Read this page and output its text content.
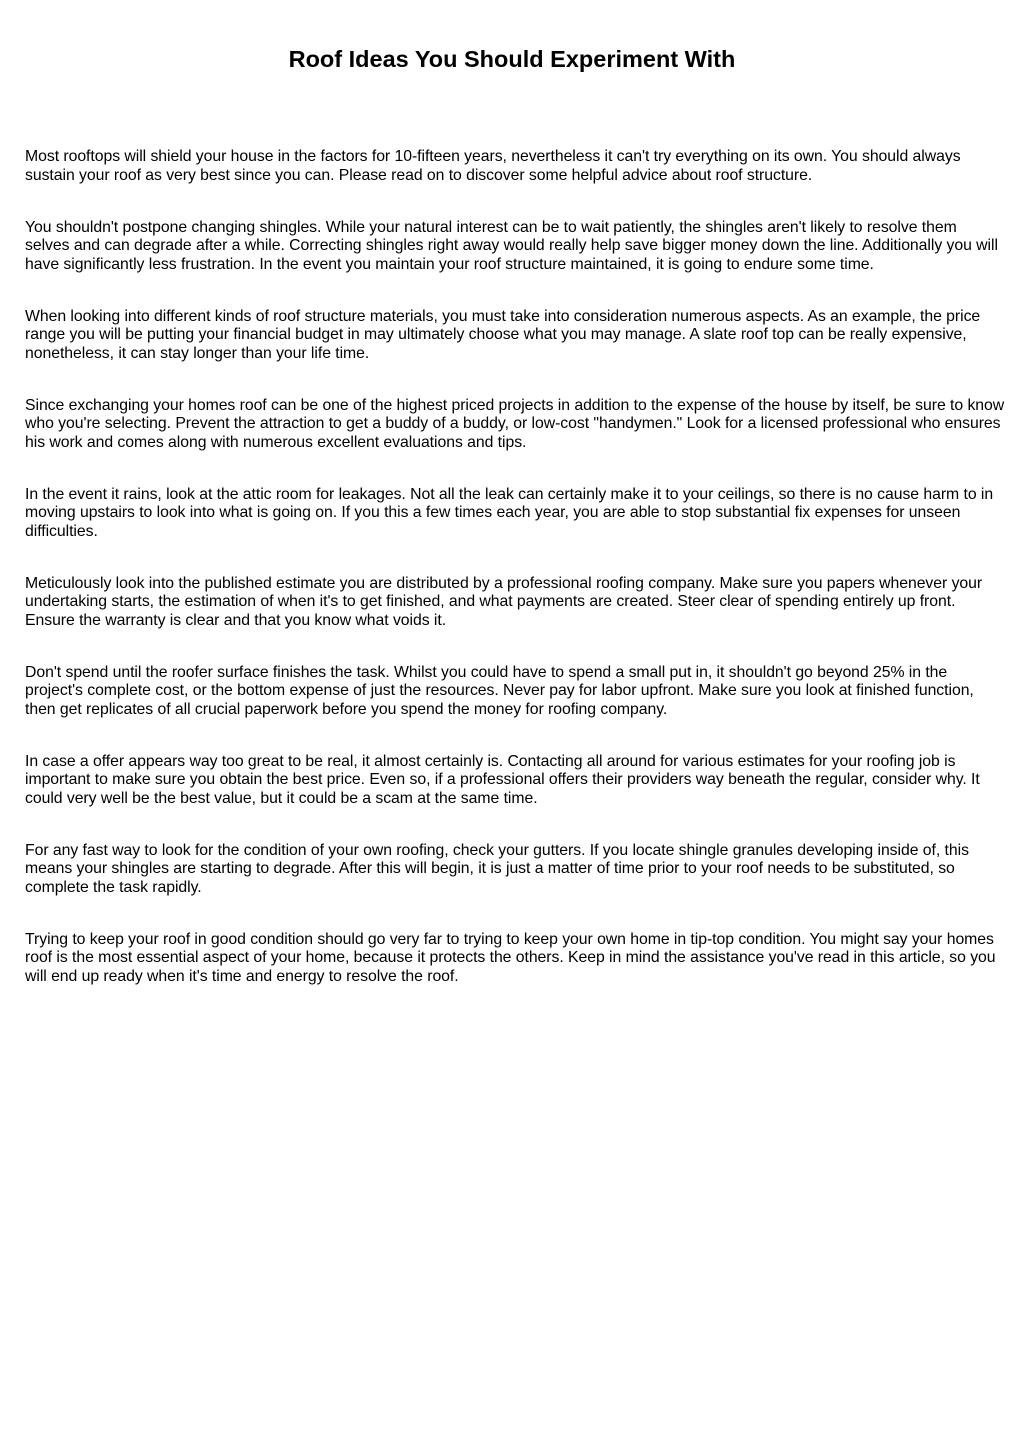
Roof Ideas You Should Experiment With

Most rooftops will shield your house in the factors for 10-fifteen years, nevertheless it can't try everything on its own. You should always sustain your roof as very best since you can. Please read on to discover some helpful advice about roof structure.

You shouldn't postpone changing shingles. While your natural interest can be to wait patiently, the shingles aren't likely to resolve them selves and can degrade after a while. Correcting shingles right away would really help save bigger money down the line. Additionally you will have significantly less frustration. In the event you maintain your roof structure maintained, it is going to endure some time.

When looking into different kinds of roof structure materials, you must take into consideration numerous aspects. As an example, the price range you will be putting your financial budget in may ultimately choose what you may manage. A slate roof top can be really expensive, nonetheless, it can stay longer than your life time.

Since exchanging your homes roof can be one of the highest priced projects in addition to the expense of the house by itself, be sure to know who you're selecting. Prevent the attraction to get a buddy of a buddy, or low-cost "handymen." Look for a licensed professional who ensures his work and comes along with numerous excellent evaluations and tips.

In the event it rains, look at the attic room for leakages. Not all the leak can certainly make it to your ceilings, so there is no cause harm to in moving upstairs to look into what is going on. If you this a few times each year, you are able to stop substantial fix expenses for unseen difficulties.

Meticulously look into the published estimate you are distributed by a professional roofing company. Make sure you papers whenever your undertaking starts, the estimation of when it's to get finished, and what payments are created. Steer clear of spending entirely up front. Ensure the warranty is clear and that you know what voids it.

Don't spend until the roofer surface finishes the task. Whilst you could have to spend a small put in, it shouldn't go beyond 25% in the project's complete cost, or the bottom expense of just the resources. Never pay for labor upfront. Make sure you look at finished function, then get replicates of all crucial paperwork before you spend the money for roofing company.

In case a offer appears way too great to be real, it almost certainly is. Contacting all around for various estimates for your roofing job is important to make sure you obtain the best price. Even so, if a professional offers their providers way beneath the regular, consider why. It could very well be the best value, but it could be a scam at the same time.

For any fast way to look for the condition of your own roofing, check your gutters. If you locate shingle granules developing inside of, this means your shingles are starting to degrade. After this will begin, it is just a matter of time prior to your roof needs to be substituted, so complete the task rapidly.

Trying to keep your roof in good condition should go very far to trying to keep your own home in tip-top condition. You might say your homes roof is the most essential aspect of your home, because it protects the others. Keep in mind the assistance you've read in this article, so you will end up ready when it's time and energy to resolve the roof.
